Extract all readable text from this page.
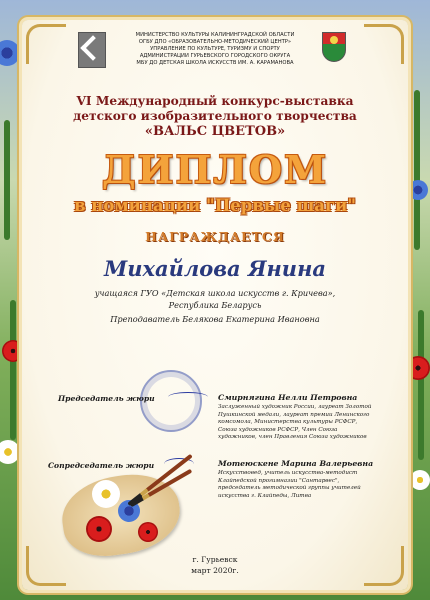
МИНИСТЕРСТВО КУЛЬТУРЫ КАЛИНИНГРАДСКОЙ ОБЛАСТИ
ОГБУ ДПО «ОБРАЗОВАТЕЛЬНО-МЕТОДИЧЕСКИЙ ЦЕНТР»
УПРАВЛЕНИЕ ПО КУЛЬТУРЕ, ТУРИЗМУ И СПОРТУ
АДМИНИСТРАЦИИ ГУРЬЕВСКОГО ГОРОДСКОГО ОКРУГА
МБУ ДО ДЕТСКАЯ ШКОЛА ИСКУССТВ ИМ. А. КАРАМАНОВА
VI Международный конкурс-выставка
детского изобразительного творчества
«ВАЛЬС ЦВЕТОВ»
ДИПЛОМ
в номинации "Первые шаги"
НАГРАЖДАЕТСЯ
Михайлова Янина
учащаяся ГУО «Детская школа искусств г. Кричева»,
Республика Беларусь
Преподаватель Белякова Екатерина Ивановна
Председатель жюри	Смирнягина Нелли Петровна
Заслуженный художник России, лауреат Золотой
Пушкинской медали, лауреат премии Ленинского
комсомола, Министерства культуры РСФСР,
Союза художников РСФСР, Член Союза
художников, член Правления Союза художников
Сопредседатель жюри	Мотеюскене Марина Валерьевна
Искусствовед, учитель искусства-методист
Клайпедской прогимназии "Сантарвес",
председатель методической группы учителей
искусства г. Клайпеды, Литва
г. Гурьевск
март 2020г.
